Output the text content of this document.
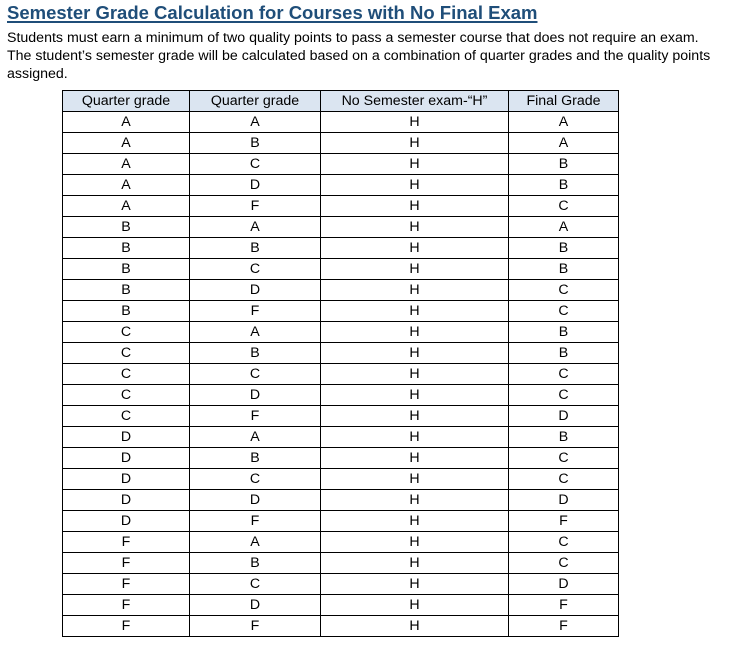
Semester Grade Calculation for Courses with No Final Exam

Students must earn a minimum of two quality points to pass a semester course that does not require an exam. The student’s semester grade will be calculated based on a combination of quarter grades and the quality points assigned.

Quarter grade	Quarter grade	No Semester exam-“H”	Final Grade
A	A	H	A
A	B	H	A
A	C	H	B
A	D	H	B
A	F	H	C
B	A	H	A
B	B	H	B
B	C	H	B
B	D	H	C
B	F	H	C
C	A	H	B
C	B	H	B
C	C	H	C
C	D	H	C
C	F	H	D
D	A	H	B
D	B	H	C
D	C	H	C
D	D	H	D
D	F	H	F
F	A	H	C
F	B	H	C
F	C	H	D
F	D	H	F
F	F	H	F
